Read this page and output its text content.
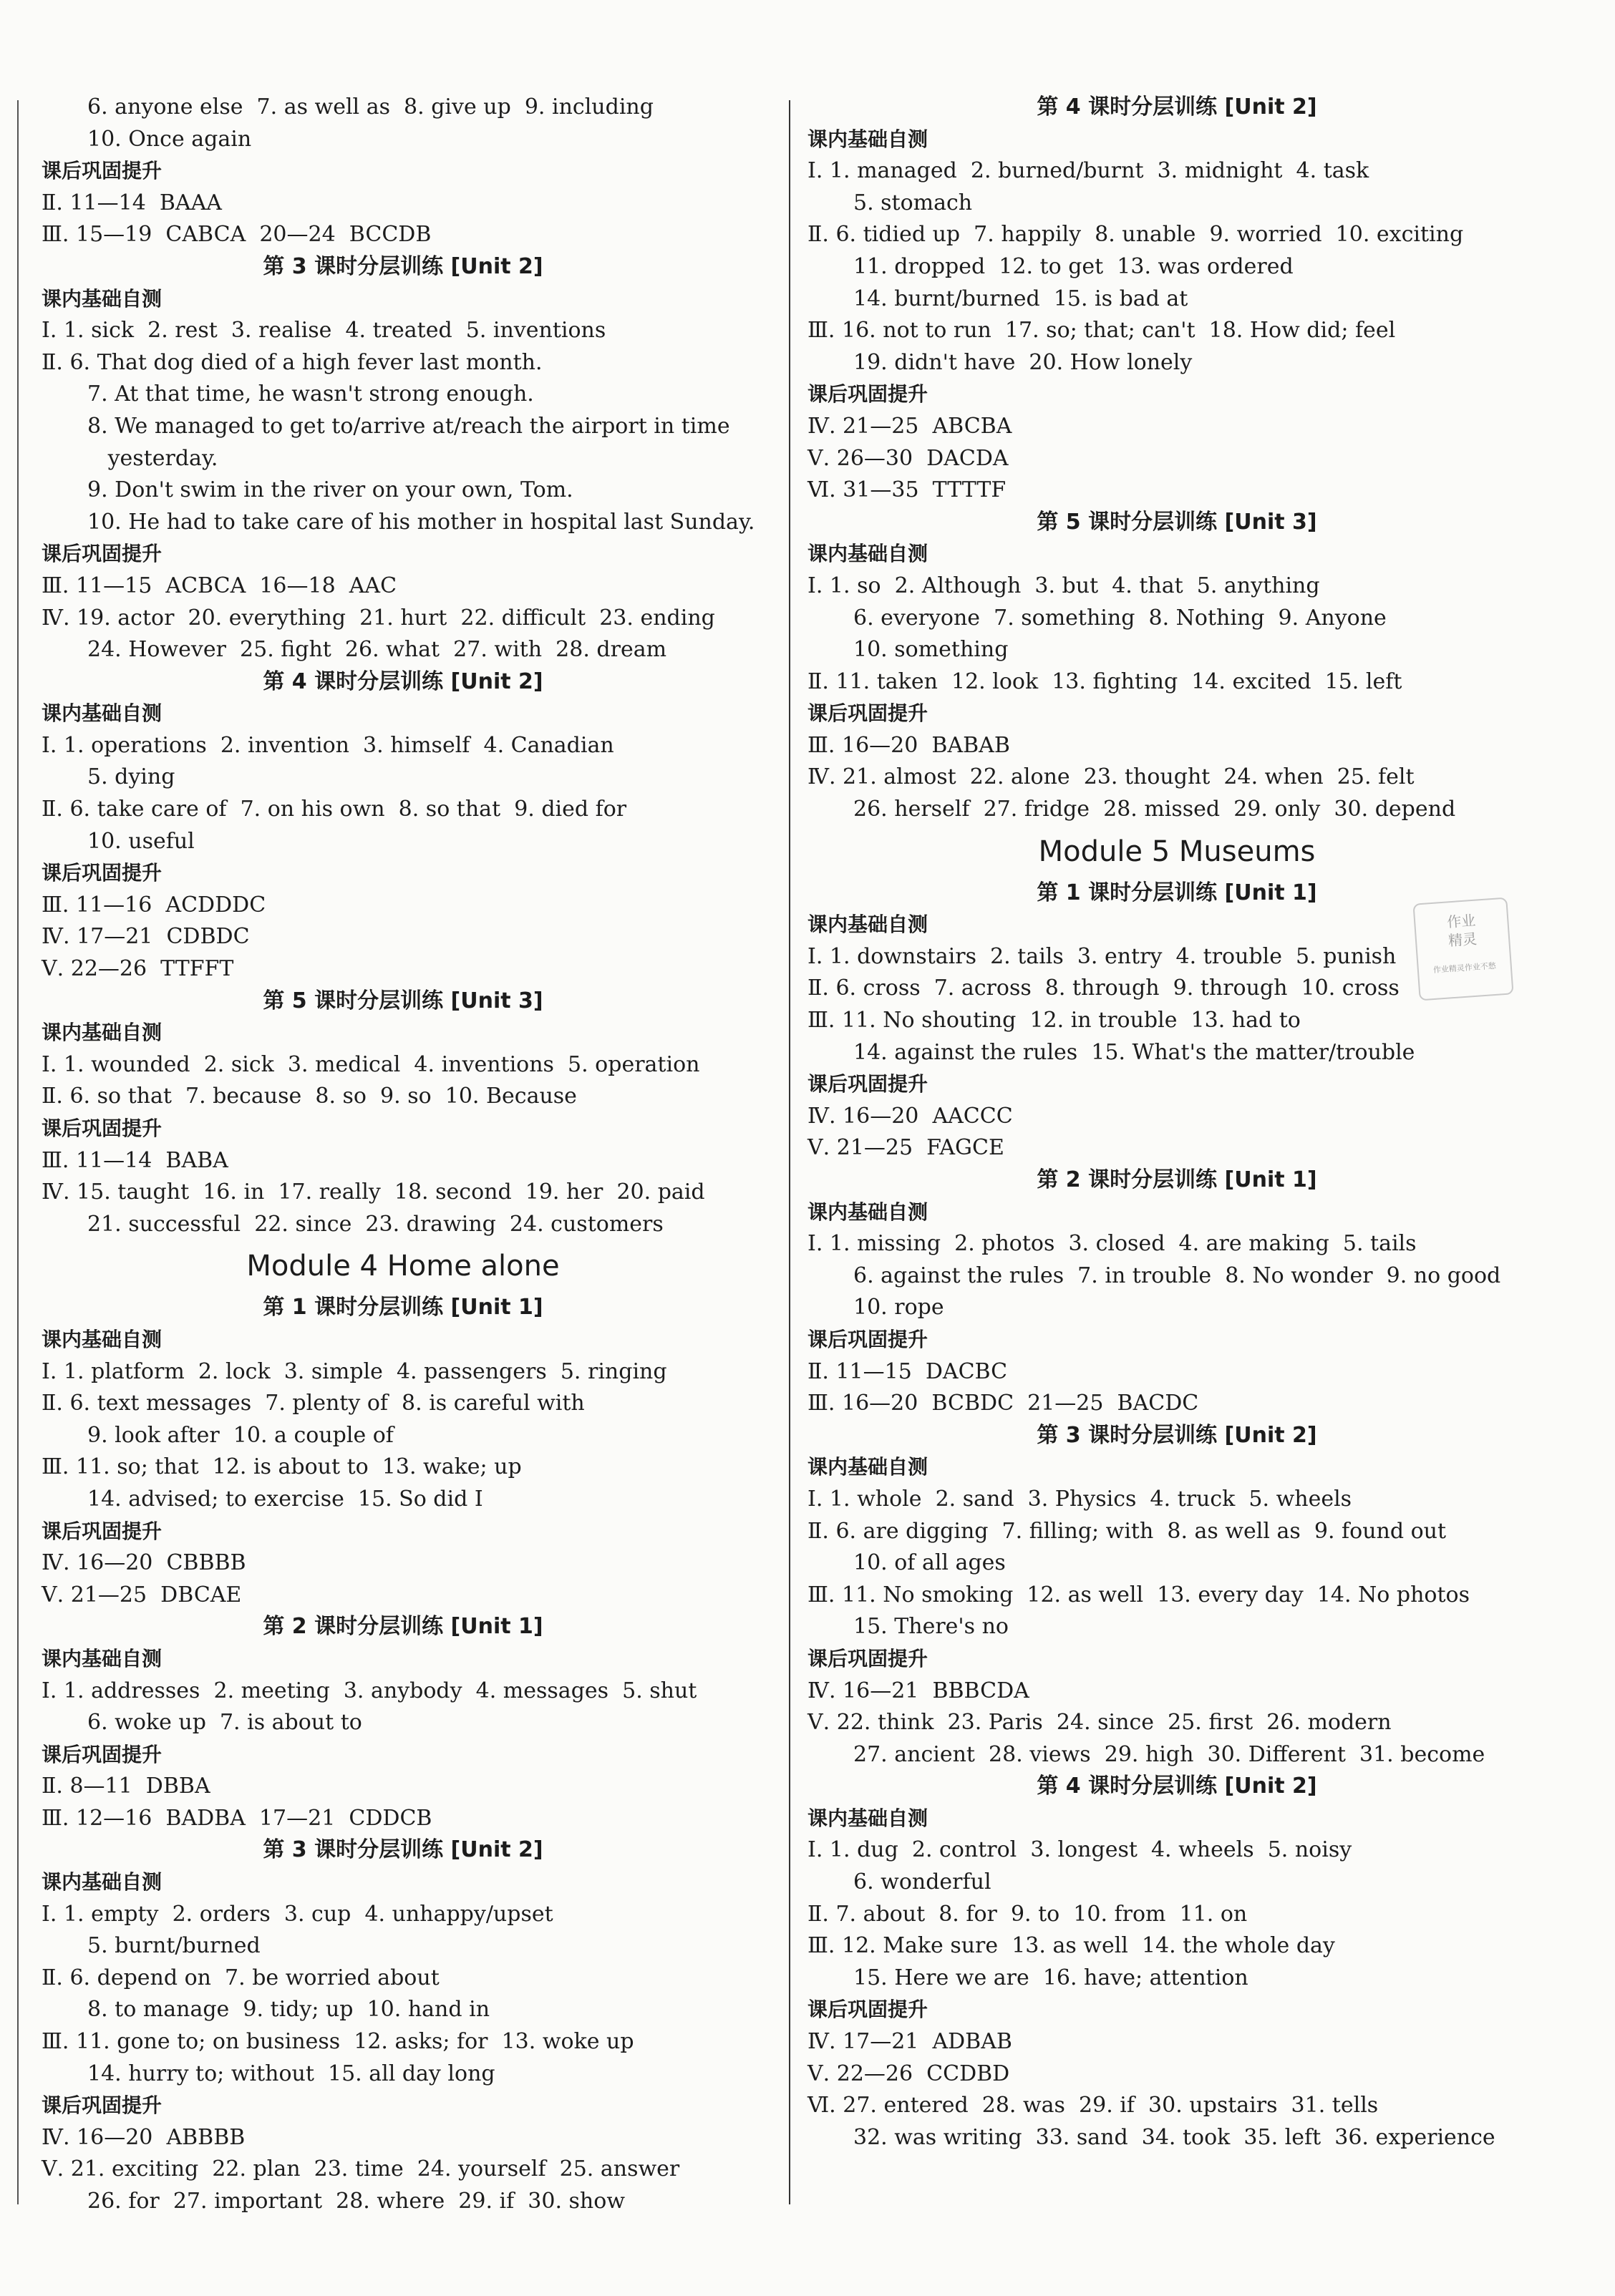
6. anyone else  7. as well as  8. give up  9. including
10. Once again
课后巩固提升
Ⅱ. 11—14  BAAA
Ⅲ. 15—19  CABCA  20—24  BCCDB
第 3 课时分层训练 [Unit 2]
课内基础自测
Ⅰ. 1. sick  2. rest  3. realise  4. treated  5. inventions
Ⅱ. 6. That dog died of a high fever last month.
7. At that time, he wasn't strong enough.
8. We managed to get to/arrive at/reach the airport in time
yesterday.
9. Don't swim in the river on your own, Tom.
10. He had to take care of his mother in hospital last Sunday.
课后巩固提升
Ⅲ. 11—15  ACBCA  16—18  AAC
Ⅳ. 19. actor  20. everything  21. hurt  22. difficult  23. ending
24. However  25. fight  26. what  27. with  28. dream
第 4 课时分层训练 [Unit 2]
课内基础自测
Ⅰ. 1. operations  2. invention  3. himself  4. Canadian
5. dying
Ⅱ. 6. take care of  7. on his own  8. so that  9. died for
10. useful
课后巩固提升
Ⅲ. 11—16  ACDDDC
Ⅳ. 17—21  CDBDC
Ⅴ. 22—26  TTFFT
第 5 课时分层训练 [Unit 3]
课内基础自测
Ⅰ. 1. wounded  2. sick  3. medical  4. inventions  5. operation
Ⅱ. 6. so that  7. because  8. so  9. so  10. Because
课后巩固提升
Ⅲ. 11—14  BABA
Ⅳ. 15. taught  16. in  17. really  18. second  19. her  20. paid
21. successful  22. since  23. drawing  24. customers
Module 4 Home alone
第 1 课时分层训练 [Unit 1]
课内基础自测
Ⅰ. 1. platform  2. lock  3. simple  4. passengers  5. ringing
Ⅱ. 6. text messages  7. plenty of  8. is careful with
9. look after  10. a couple of
Ⅲ. 11. so; that  12. is about to  13. wake; up
14. advised; to exercise  15. So did I
课后巩固提升
Ⅳ. 16—20  CBBBB
Ⅴ. 21—25  DBCAE
第 2 课时分层训练 [Unit 1]
课内基础自测
Ⅰ. 1. addresses  2. meeting  3. anybody  4. messages  5. shut
6. woke up  7. is about to
课后巩固提升
Ⅱ. 8—11  DBBA
Ⅲ. 12—16  BADBA  17—21  CDDCB
第 3 课时分层训练 [Unit 2]
课内基础自测
Ⅰ. 1. empty  2. orders  3. cup  4. unhappy/upset
5. burnt/burned
Ⅱ. 6. depend on  7. be worried about
8. to manage  9. tidy; up  10. hand in
Ⅲ. 11. gone to; on business  12. asks; for  13. woke up
14. hurry to; without  15. all day long
课后巩固提升
Ⅳ. 16—20  ABBBB
Ⅴ. 21. exciting  22. plan  23. time  24. yourself  25. answer
26. for  27. important  28. where  29. if  30. show
第 4 课时分层训练 [Unit 2]
课内基础自测
Ⅰ. 1. managed  2. burned/burnt  3. midnight  4. task
5. stomach
Ⅱ. 6. tidied up  7. happily  8. unable  9. worried  10. exciting
11. dropped  12. to get  13. was ordered
14. burnt/burned  15. is bad at
Ⅲ. 16. not to run  17. so; that; can't  18. How did; feel
19. didn't have  20. How lonely
课后巩固提升
Ⅳ. 21—25  ABCBA
Ⅴ. 26—30  DACDA
Ⅵ. 31—35  TTTTF
第 5 课时分层训练 [Unit 3]
课内基础自测
Ⅰ. 1. so  2. Although  3. but  4. that  5. anything
6. everyone  7. something  8. Nothing  9. Anyone
10. something
Ⅱ. 11. taken  12. look  13. fighting  14. excited  15. left
课后巩固提升
Ⅲ. 16—20  BABAB
Ⅳ. 21. almost  22. alone  23. thought  24. when  25. felt
26. herself  27. fridge  28. missed  29. only  30. depend
Module 5 Museums
第 1 课时分层训练 [Unit 1]
课内基础自测
Ⅰ. 1. downstairs  2. tails  3. entry  4. trouble  5. punish
Ⅱ. 6. cross  7. across  8. through  9. through  10. cross
Ⅲ. 11. No shouting  12. in trouble  13. had to
14. against the rules  15. What's the matter/trouble
课后巩固提升
Ⅳ. 16—20  AACCC
Ⅴ. 21—25  FAGCE
第 2 课时分层训练 [Unit 1]
课内基础自测
Ⅰ. 1. missing  2. photos  3. closed  4. are making  5. tails
6. against the rules  7. in trouble  8. No wonder  9. no good
10. rope
课后巩固提升
Ⅱ. 11—15  DACBC
Ⅲ. 16—20  BCBDC  21—25  BACDC
第 3 课时分层训练 [Unit 2]
课内基础自测
Ⅰ. 1. whole  2. sand  3. Physics  4. truck  5. wheels
Ⅱ. 6. are digging  7. filling; with  8. as well as  9. found out
10. of all ages
Ⅲ. 11. No smoking  12. as well  13. every day  14. No photos
15. There's no
课后巩固提升
Ⅳ. 16—21  BBBCDA
Ⅴ. 22. think  23. Paris  24. since  25. first  26. modern
27. ancient  28. views  29. high  30. Different  31. become
第 4 课时分层训练 [Unit 2]
课内基础自测
Ⅰ. 1. dug  2. control  3. longest  4. wheels  5. noisy
6. wonderful
Ⅱ. 7. about  8. for  9. to  10. from  11. on
Ⅲ. 12. Make sure  13. as well  14. the whole day
15. Here we are  16. have; attention
课后巩固提升
Ⅳ. 17—21  ADBAB
Ⅴ. 22—26  CCDBD
Ⅵ. 27. entered  28. was  29. if  30. upstairs  31. tells
32. was writing  33. sand  34. took  35. left  36. experience
作业
精灵
作业精灵作业不愁
